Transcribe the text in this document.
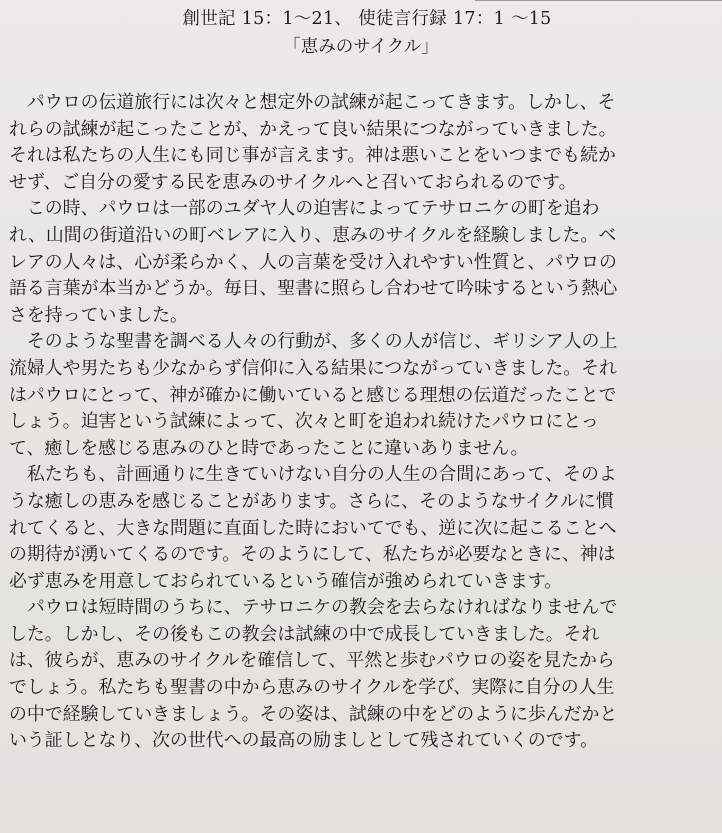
創世記 15：1～21、 使徒言行録 17：1 ～15
「恵みのサイクル」
　パウロの伝道旅行には次々と想定外の試練が起こってきます。しかし、そ
れらの試練が起こったことが、かえって良い結果につながっていきました。
それは私たちの人生にも同じ事が言えます。神は悪いことをいつまでも続か
せず、ご自分の愛する民を恵みのサイクルへと召いておられるのです。
　この時、パウロは一部のユダヤ人の迫害によってテサロニケの町を追わ
れ、山間の街道沿いの町ベレアに入り、恵みのサイクルを経験しました。ベ
レアの人々は、心が柔らかく、人の言葉を受け入れやすい性質と、パウロの
語る言葉が本当かどうか。毎日、聖書に照らし合わせて吟味するという熱心
さを持っていました。
　そのような聖書を調べる人々の行動が、多くの人が信じ、ギリシア人の上
流婦人や男たちも少なからず信仰に入る結果につながっていきました。それ
はパウロにとって、神が確かに働いていると感じる理想の伝道だったことで
しょう。迫害という試練によって、次々と町を追われ続けたパウロにとっ
て、癒しを感じる恵みのひと時であったことに違いありません。
　私たちも、計画通りに生きていけない自分の人生の合間にあって、そのよ
うな癒しの恵みを感じることがあります。さらに、そのようなサイクルに慣
れてくると、大きな問題に直面した時においてでも、逆に次に起こることへ
の期待が湧いてくるのです。そのようにして、私たちが必要なときに、神は
必ず恵みを用意しておられているという確信が強められていきます。
　パウロは短時間のうちに、テサロニケの教会を去らなければなりませんで
した。しかし、その後もこの教会は試練の中で成長していきました。それ
は、彼らが、恵みのサイクルを確信して、平然と歩むパウロの姿を見たから
でしょう。私たちも聖書の中から恵みのサイクルを学び、実際に自分の人生
の中で経験していきましょう。その姿は、試練の中をどのように歩んだかと
いう証しとなり、次の世代への最高の励ましとして残されていくのです。
